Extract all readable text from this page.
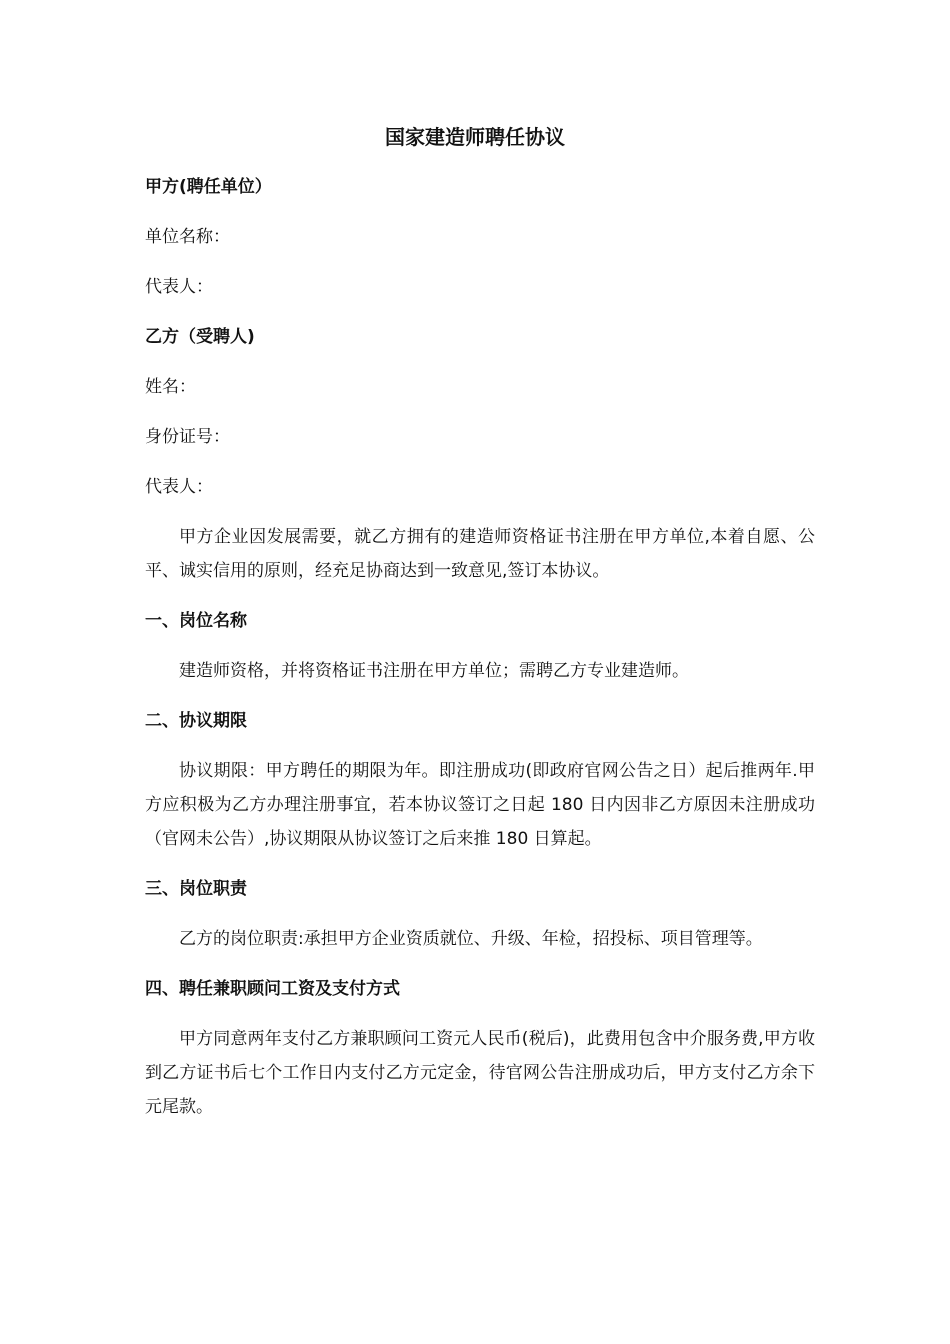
国家建造师聘任协议

甲方(聘任单位）

单位名称：

代表人：

乙方（受聘人)

姓名：

身份证号：

代表人：

甲方企业因发展需要，就乙方拥有的建造师资格证书注册在甲方单位,本着自愿、公平、诚实信用的原则，经充足协商达到一致意见,签订本协议。

一、岗位名称

建造师资格，并将资格证书注册在甲方单位；需聘乙方专业建造师。

二、协议期限

协议期限：甲方聘任的期限为年。即注册成功(即政府官网公告之日）起后推两年.甲方应积极为乙方办理注册事宜，若本协议签订之日起 180 日内因非乙方原因未注册成功（官网未公告）,协议期限从协议签订之后来推 180 日算起。

三、岗位职责

乙方的岗位职责:承担甲方企业资质就位、升级、年检，招投标、项目管理等。

四、聘任兼职顾问工资及支付方式

甲方同意两年支付乙方兼职顾问工资元人民币(税后)，此费用包含中介服务费,甲方收到乙方证书后七个工作日内支付乙方元定金，待官网公告注册成功后，甲方支付乙方余下元尾款。
